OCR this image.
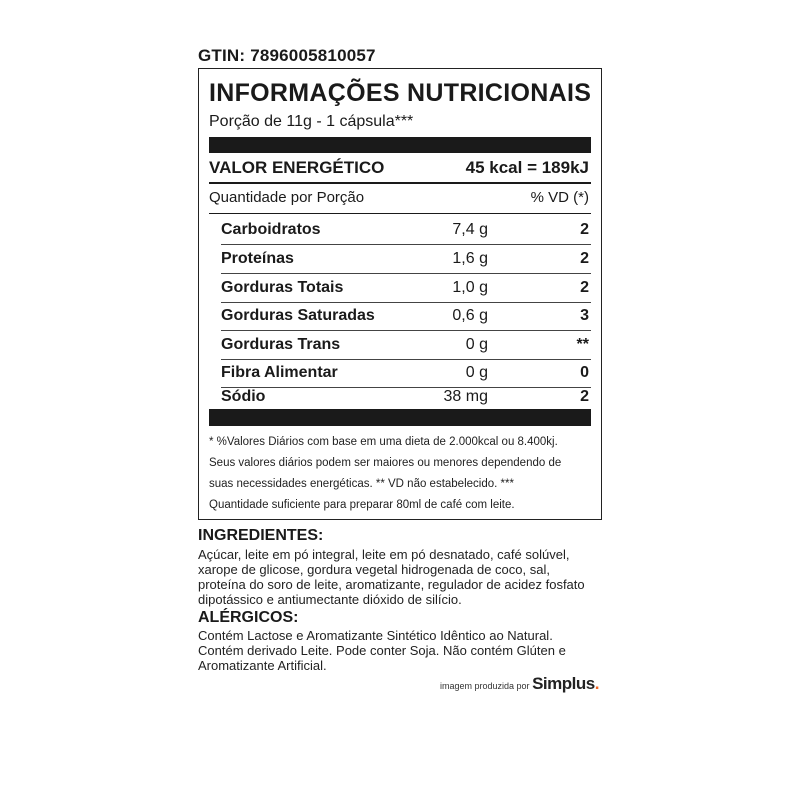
GTIN: 7896005810057
INFORMAÇÕES NUTRICIONAIS
Porção de 11g - 1 cápsula***
VALOR ENERGÉTICO	45 kcal = 189kJ
Quantidade por Porção	% VD (*)
Carboidratos	7,4 g	2
Proteínas	1,6 g	2
Gorduras Totais	1,0 g	2
Gorduras Saturadas	0,6 g	3
Gorduras Trans	0 g	**
Fibra Alimentar	0 g	0
Sódio	38 mg	2

* %Valores Diários com base em uma dieta de 2.000kcal ou 8.400kj.

Seus valores diários podem ser maiores ou menores dependendo de

suas necessidades energéticas. ** VD não estabelecido. ***

Quantidade suficiente para preparar 80ml de café com leite.

INGREDIENTES:

Açúcar, leite em pó integral, leite em pó desnatado, café solúvel,

xarope de glicose, gordura vegetal hidrogenada de coco, sal,

proteína do soro de leite, aromatizante, regulador de acidez fosfato

dipotássico e antiumectante dióxido de silício.

ALÉRGICOS:

Contém Lactose e Aromatizante Sintético Idêntico ao Natural.

Contém derivado Leite. Pode conter Soja. Não contém Glúten e

Aromatizante Artificial.

imagem produzida por Simplus.
